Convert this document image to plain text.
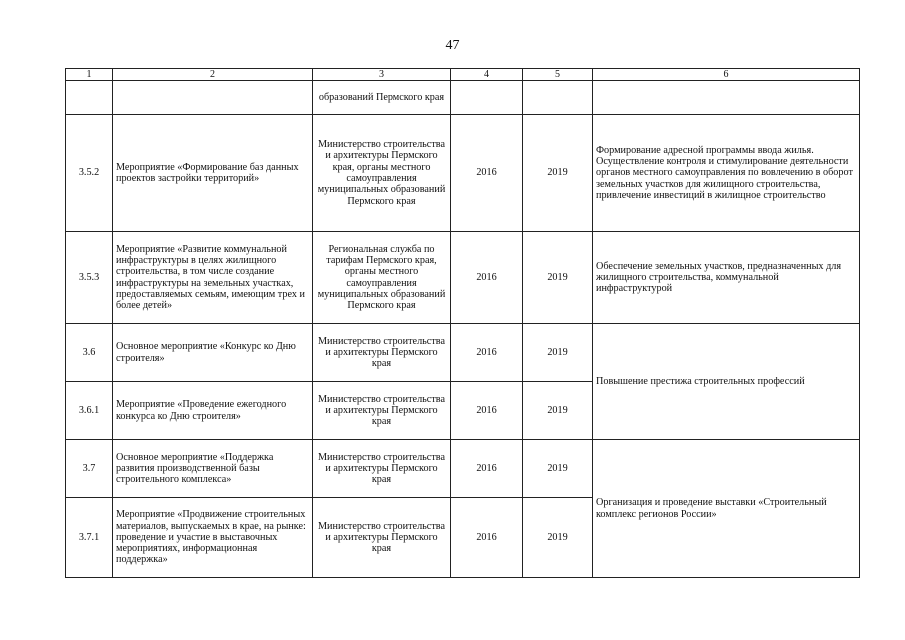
47
1	2	3	4	5	6
		образований Пермского края			
3.5.2	Мероприятие «Формирование баз данных проектов застройки территорий»	Министерство строительства и архитектуры Пермского края, органы местного самоуправления муниципальных образований Пермского края	2016	2019	Формирование адресной программы ввода жилья. Осуществление контроля и стимулирование деятельности органов местного самоуправления по вовлечению в оборот земельных участков для жилищного строительства, привлечение инвестиций в жилищное строительство
3.5.3	Мероприятие «Развитие коммунальной инфраструктуры в целях жилищного строительства, в том числе создание инфраструктуры на земельных участках, предоставляемых семьям, имеющим трех и более детей»	Региональная служба по тарифам Пермского края, органы местного самоуправления муниципальных образований Пермского края	2016	2019	Обеспечение земельных участков, предназначенных для жилищного строительства, коммунальной инфраструктурой
3.6	Основное мероприятие «Конкурс ко Дню строителя»	Министерство строительства и архитектуры Пермского края	2016	2019	Повышение престижа строительных профессий
3.6.1	Мероприятие «Проведение ежегодного конкурса ко Дню строителя»	Министерство строительства и архитектуры Пермского края	2016	2019	
3.7	Основное мероприятие «Поддержка развития производственной базы строительного комплекса»	Министерство строительства и архитектуры Пермского края	2016	2019	Организация и проведение выставки «Строительный комплекс регионов России»
3.7.1	Мероприятие «Продвижение строительных материалов, выпускаемых в крае, на рынке: проведение и участие в выставочных мероприятиях, информационная поддержка»	Министерство строительства и архитектуры Пермского края	2016	2019	
